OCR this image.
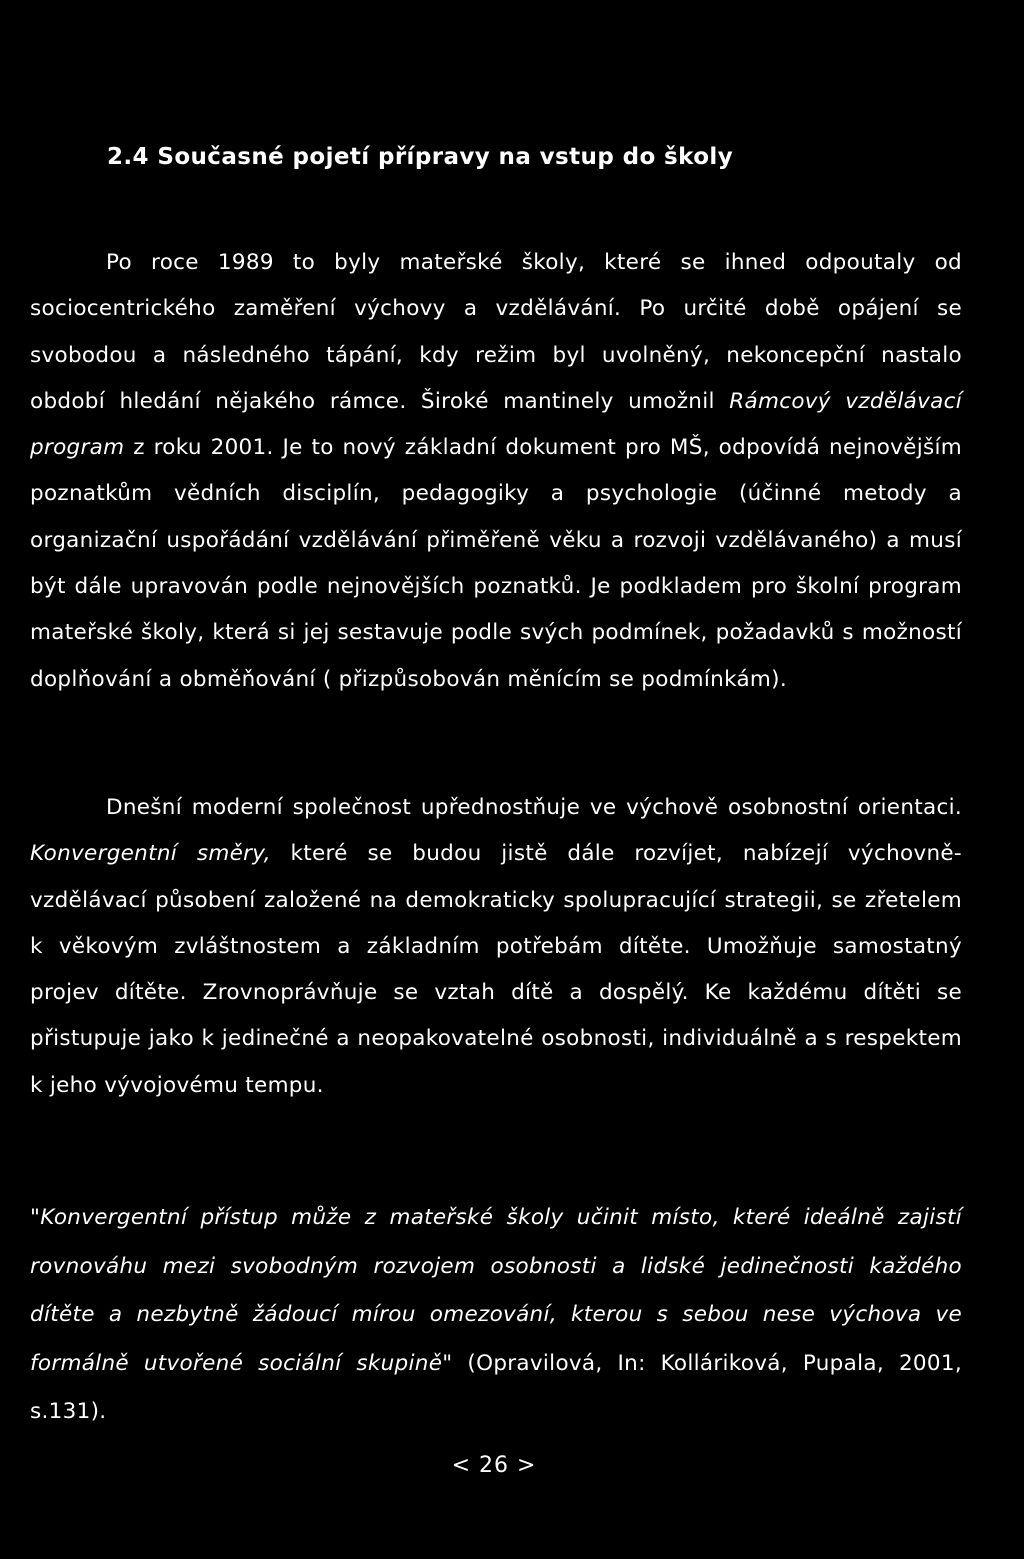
2.4 Současné pojetí přípravy na vstup do školy

Po roce 1989 to byly mateřské školy, které se ihned odpoutaly od sociocentrického zaměření výchovy a vzdělávání. Po určité době opájení se svobodou a následného tápání, kdy režim byl uvolněný, nekoncepční nastalo období hledání nějakého rámce. Široké mantinely umožnil Rámcový vzdělávací program z roku 2001. Je to nový základní dokument pro MŠ, odpovídá nejnovějším poznatkům vědních disciplín, pedagogiky a psychologie (účinné metody a organizační uspořádání vzdělávání přiměřeně věku a rozvoji vzdělávaného) a musí být dále upravován podle nejnovějších poznatků. Je podkladem pro školní program mateřské školy, která si jej sestavuje podle svých podmínek, požadavků s možností doplňování a obměňování ( přizpůsobován měnícím se podmínkám).

Dnešní moderní společnost upřednostňuje ve výchově osobnostní orientaci. Konvergentní směry, které se budou jistě dále rozvíjet, nabízejí výchovně-vzdělávací působení založené na demokraticky spolupracující strategii, se zřetelem k věkovým zvláštnostem a základním potřebám dítěte. Umožňuje samostatný projev dítěte. Zrovnoprávňuje se vztah dítě a dospělý. Ke každému dítěti se přistupuje jako k jedinečné a neopakovatelné osobnosti, individuálně a s respektem k jeho vývojovému tempu.

"Konvergentní přístup může z mateřské školy učinit místo, které ideálně zajistí rovnováhu mezi svobodným rozvojem osobnosti a lidské jedinečnosti každého dítěte a nezbytně žádoucí mírou omezování, kterou s sebou nese výchova ve formálně utvořené sociální skupině" (Opravilová, In: Kolláriková, Pupala, 2001, s.131).

< 26 >
